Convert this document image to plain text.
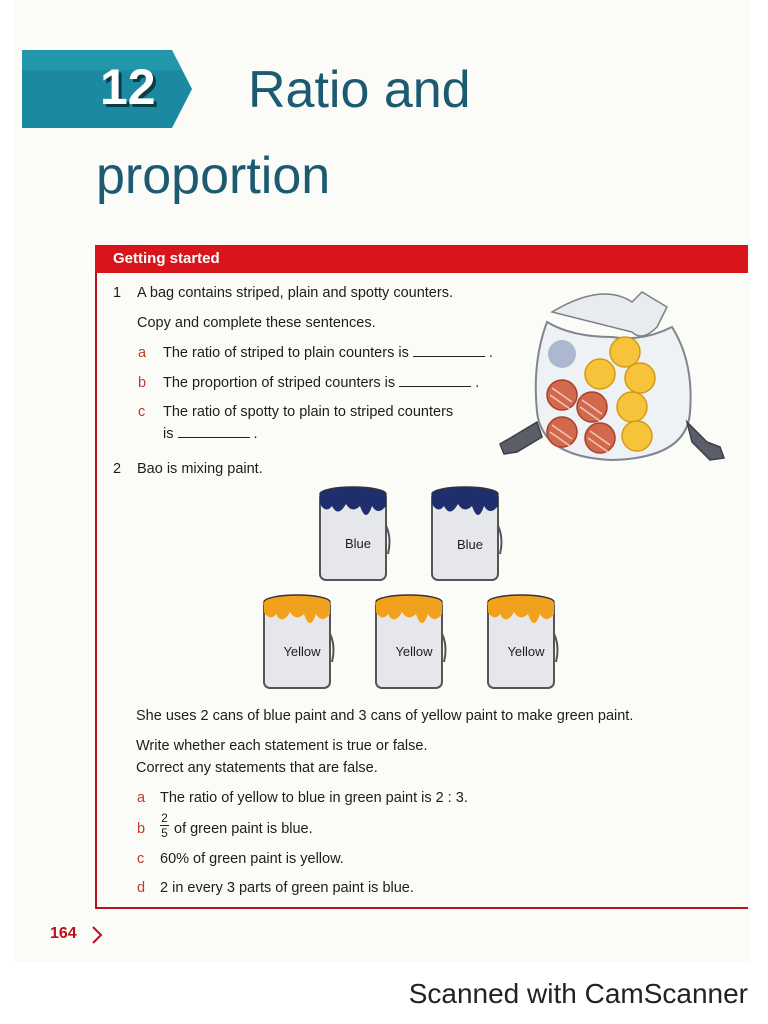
12 Ratio and
proportion
Getting started
1 A bag contains striped, plain and spotty counters.
Copy and complete these sentences.
a The ratio of striped to plain counters is	.
b The proportion of striped counters is	.
c The ratio of spotty to plain to striped counters
is	.
2 Bao is mixing paint.
Blue	Blue
Yellow	Yellow	Yellow
She uses 2 cans of blue paint and 3 cans of yellow paint to make green paint.
Write whether each statement is true or false.
Correct any statements that are false.
a The ratio of yellow to blue in green paint is 2 : 3.
b
2
5 of green paint is blue.
c 60% of green paint is yellow.
d 2 in every 3 parts of green paint is blue.
164
Scanned with CamScanner
